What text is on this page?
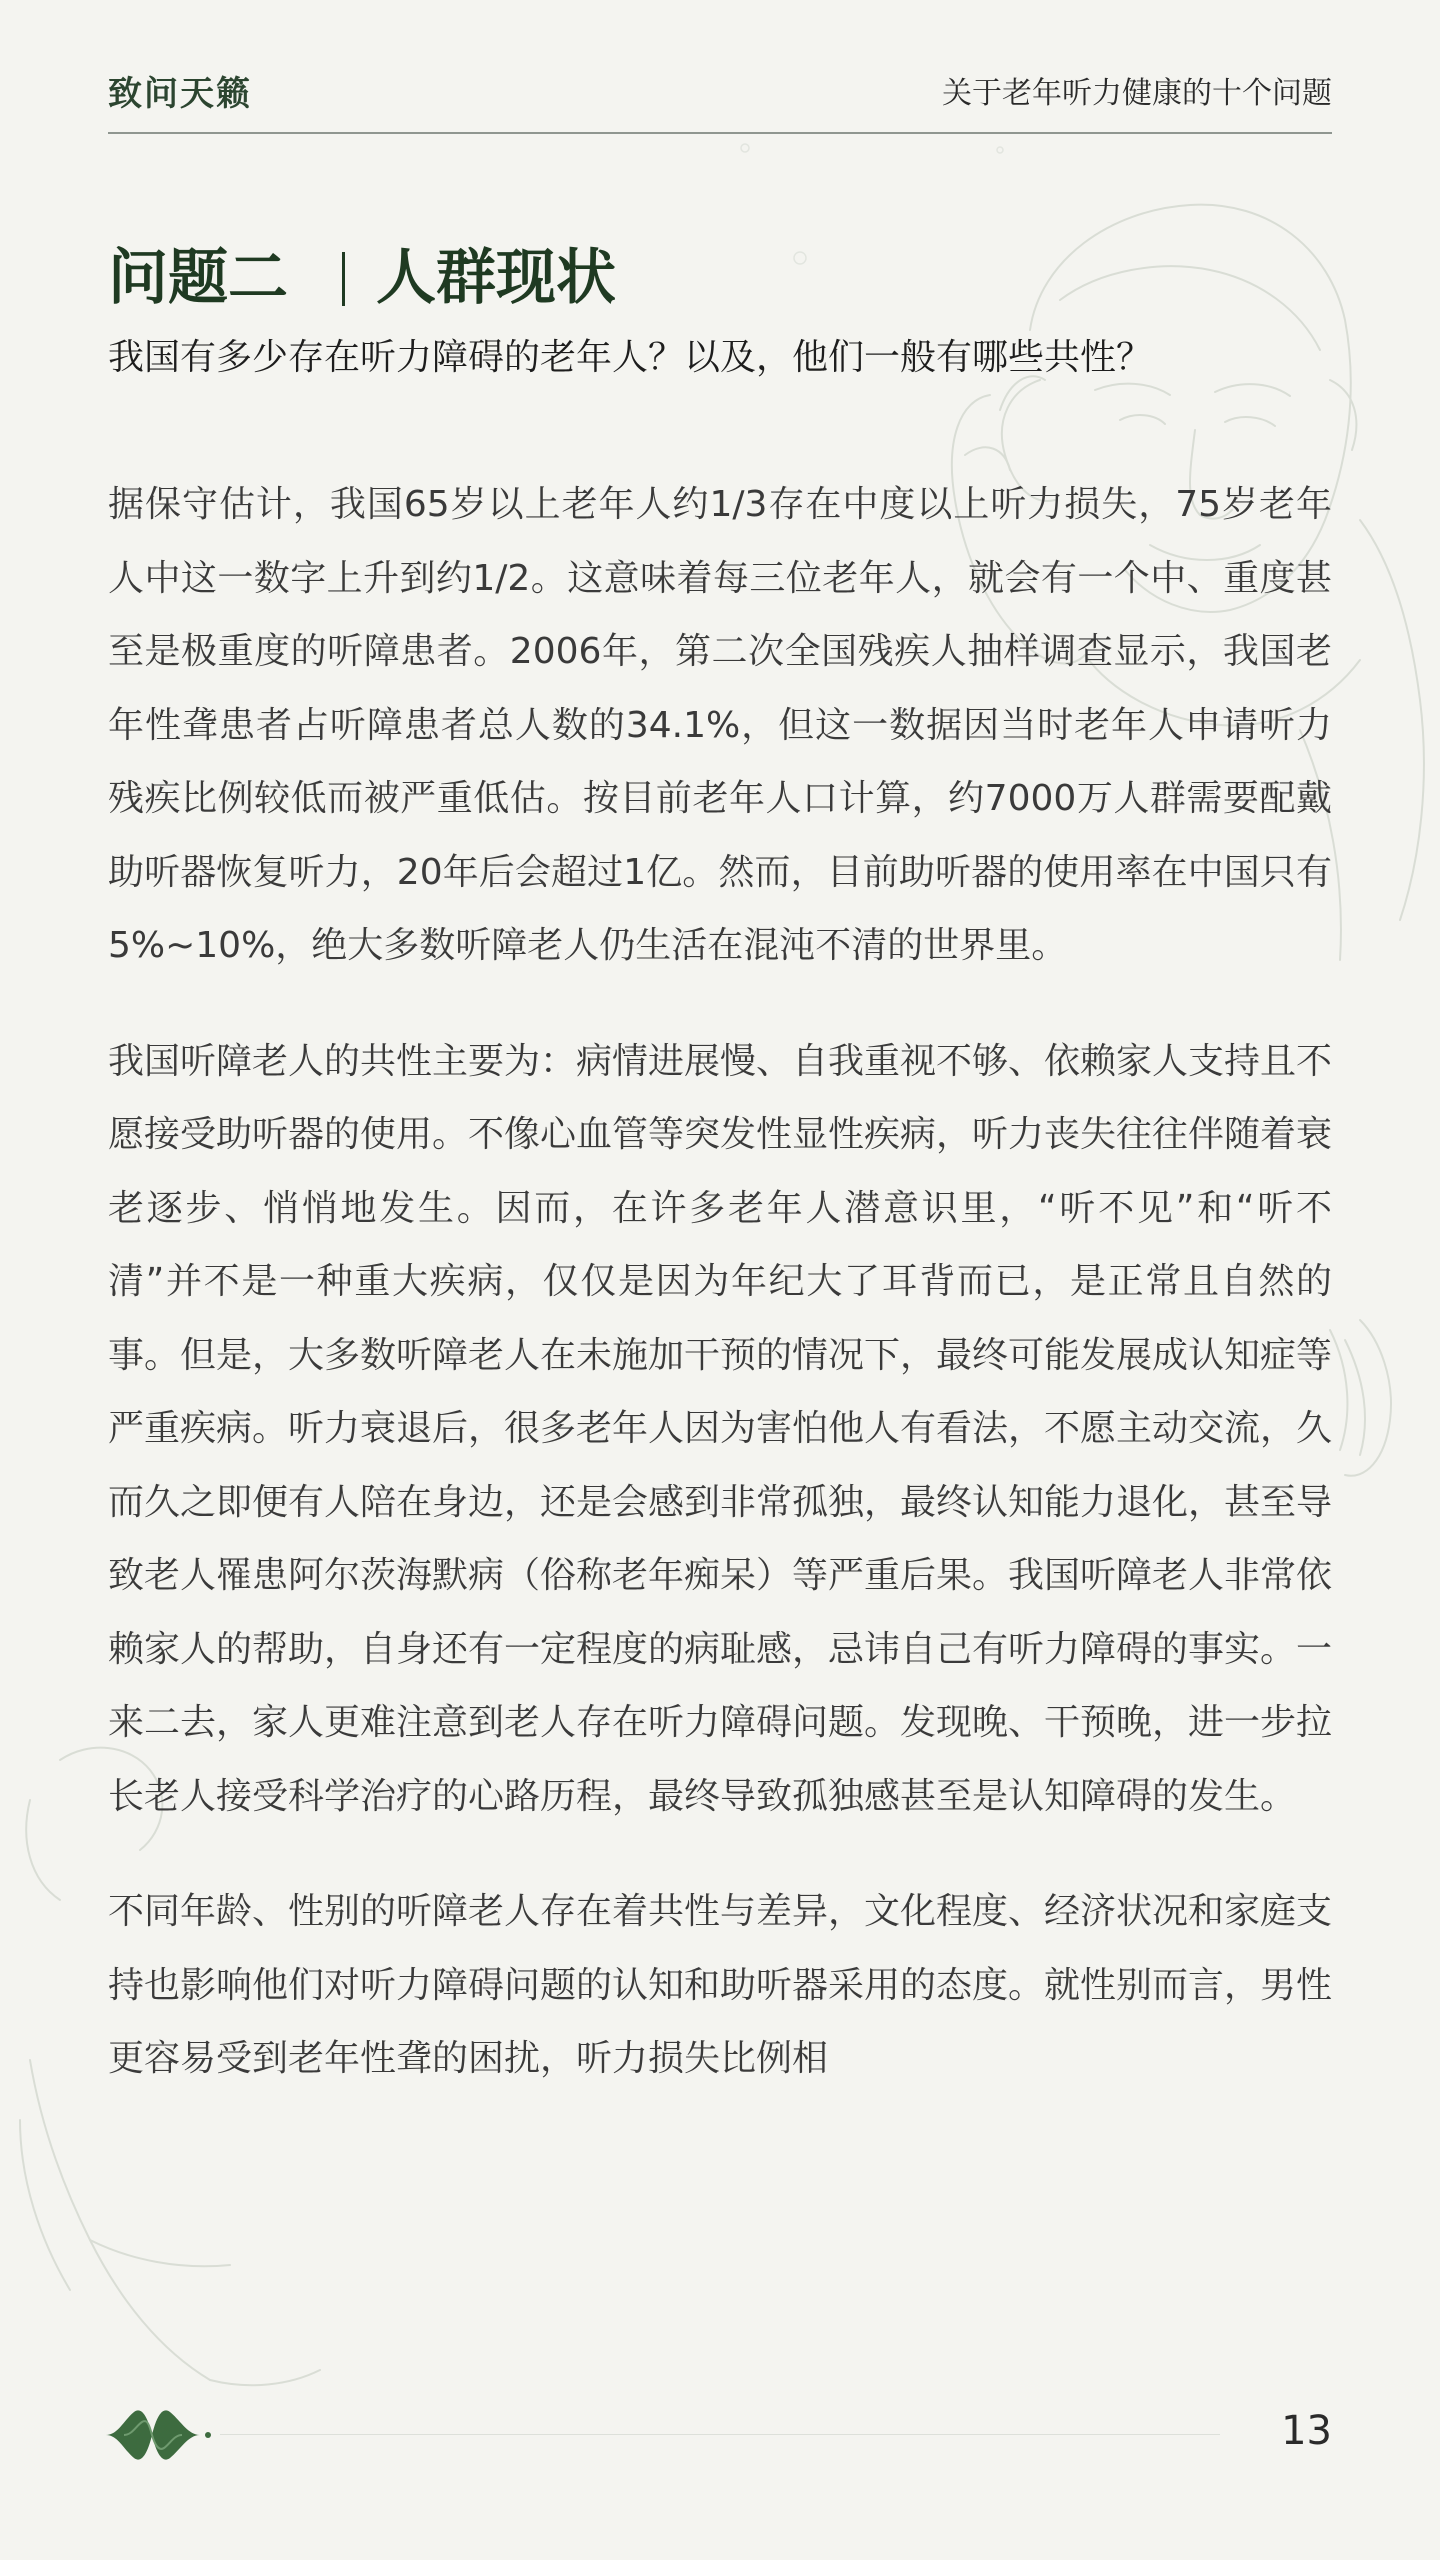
致问天籁	关于老年听力健康的十个问题
问题二 人群现状
我国有多少存在听力障碍的老年人？以及，他们一般有哪些共性？

据保守估计，我国65岁以上老年人约1/3存在中度以上听力损失，75岁老年人中这一数字上升到约1/2。这意味着每三位老年人，就会有一个中、重度甚至是极重度的听障患者。2006年，第二次全国残疾人抽样调查显示，我国老年性聋患者占听障患者总人数的34.1%，但这一数据因当时老年人申请听力残疾比例较低而被严重低估。按目前老年人口计算，约7000万人群需要配戴助听器恢复听力，20年后会超过1亿。然而，目前助听器的使用率在中国只有5%~10%，绝大多数听障老人仍生活在混沌不清的世界里。

我国听障老人的共性主要为：病情进展慢、自我重视不够、依赖家人支持且不愿接受助听器的使用。不像心血管等突发性显性疾病，听力丧失往往伴随着衰老逐步、悄悄地发生。因而，在许多老年人潜意识里，“听不见”和“听不清”并不是一种重大疾病，仅仅是因为年纪大了耳背而已，是正常且自然的事。但是，大多数听障老人在未施加干预的情况下，最终可能发展成认知症等严重疾病。听力衰退后，很多老年人因为害怕他人有看法，不愿主动交流，久而久之即便有人陪在身边，还是会感到非常孤独，最终认知能力退化，甚至导致老人罹患阿尔茨海默病（俗称老年痴呆）等严重后果。我国听障老人非常依赖家人的帮助，自身还有一定程度的病耻感，忌讳自己有听力障碍的事实。一来二去，家人更难注意到老人存在听力障碍问题。发现晚、干预晚，进一步拉长老人接受科学治疗的心路历程，最终导致孤独感甚至是认知障碍的发生。

不同年龄、性别的听障老人存在着共性与差异，文化程度、经济状况和家庭支持也影响他们对听力障碍问题的认知和助听器采用的态度。就性别而言，男性更容易受到老年性聋的困扰，听力损失比例相

13
